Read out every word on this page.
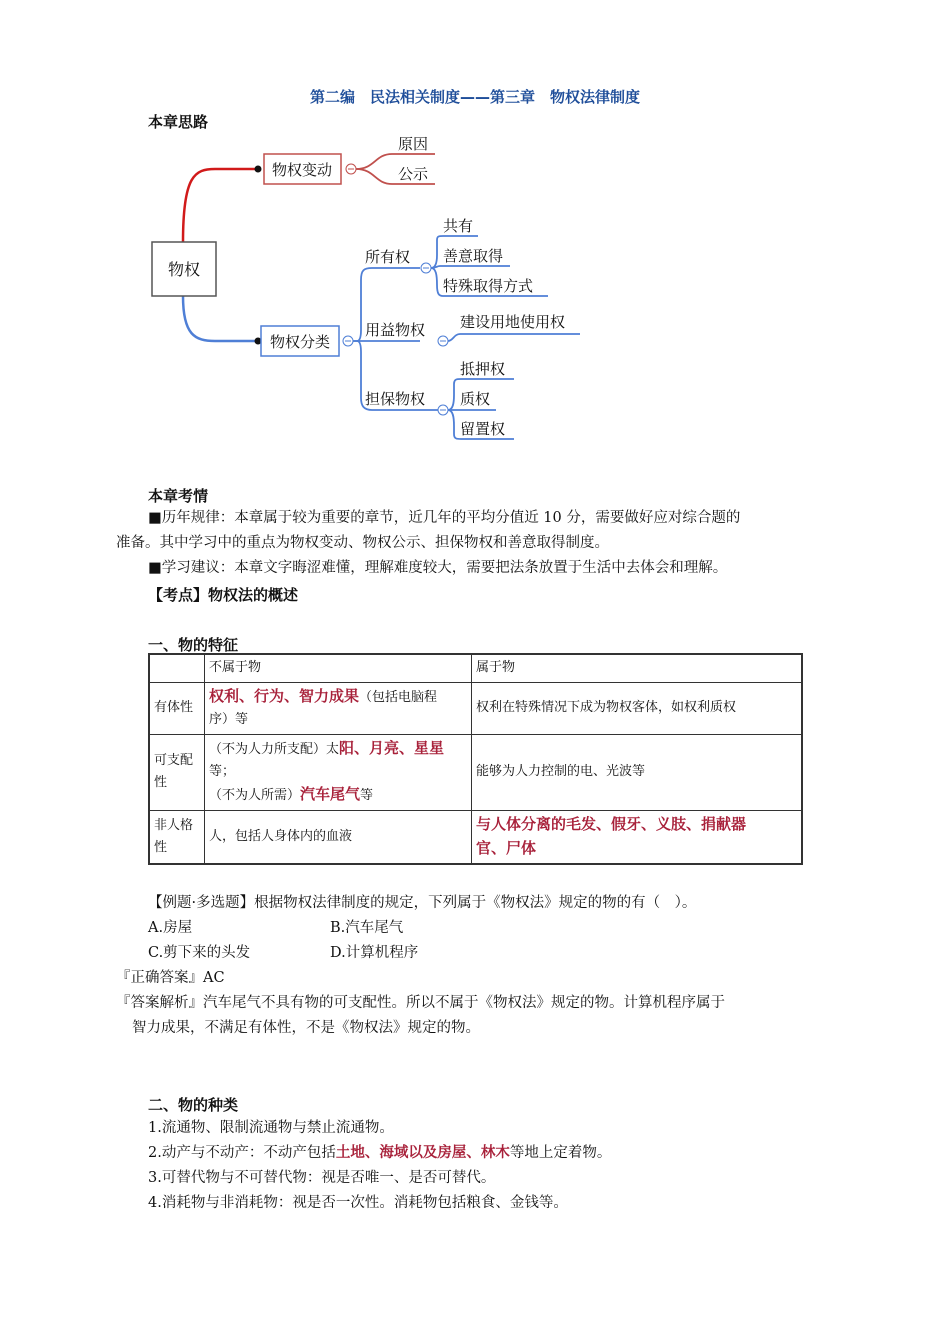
第二编　民法相关制度——第三章　物权法律制度
本章思路
物权
物权变动
原因
公示
物权分类
所有权
共有
善意取得
特殊取得方式
用益物权 建设用地使用权
担保物权
抵押权
质权
留置权
本章考情
■历年规律：本章属于较为重要的章节，近几年的平均分值近 10 分，需要做好应对综合题的
准备。其中学习中的重点为物权变动、物权公示、担保物权和善意取得制度。
■学习建议：本章文字晦涩难懂，理解难度较大，需要把法条放置于生活中去体会和理解。
【考点】物权法的概述
一、物的特征
	不属于物	属于物
有体性	权利、行为、智力成果（包括电脑程
序）等	权利在特殊情况下成为物权客体，如权利质权
可支配
性	（不为人力所支配）太阳、月亮、星星
等；
（不为人所需）汽车尾气等	能够为人力控制的电、光波等
非人格
性	人，包括人身体内的血液	与人体分离的毛发、假牙、义肢、捐献器
官、尸体
【例题·多选题】根据物权法律制度的规定，下列属于《物权法》规定的物的有（　）。
A.房屋	B.汽车尾气
C.剪下来的头发	D.计算机程序
『正确答案』AC
『答案解析』汽车尾气不具有物的可支配性。所以不属于《物权法》规定的物。计算机程序属于
智力成果，不满足有体性，不是《物权法》规定的物。
二、物的种类
1.流通物、限制流通物与禁止流通物。
2.动产与不动产：不动产包括土地、海域以及房屋、林木等地上定着物。
3.可替代物与不可替代物：视是否唯一、是否可替代。
4.消耗物与非消耗物：视是否一次性。消耗物包括粮食、金钱等。
